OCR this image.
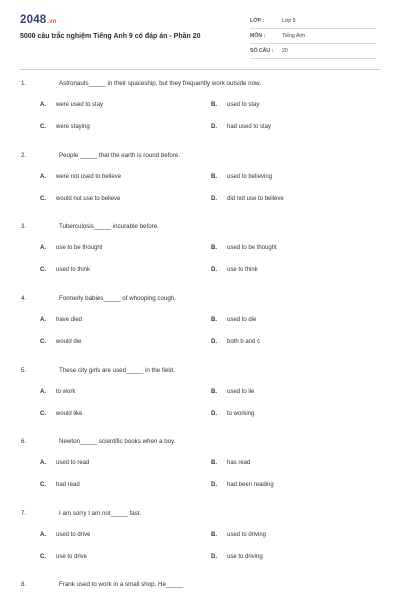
2048.vn
5000 câu trắc nghiệm Tiếng Anh 9 có đáp án - Phần 20
LỚP :	Lớp 9
MÔN :	Tiếng Anh
SỐ CÂU :	20
1.	Astronauts_____ in their spaceship, but they frequently work outside now.
A. were used to stay	B. used to stay
C. were staying	D. had used to stay
2.	People _____ that the earth is round before.
A. were not used to believe	B. used to believing
C. would not use to believe	D. did not use to believe
3.	Tuberculosis_____ incurable before.
A. use to be thought	B. used to be thought
C. used to think	D. use to think
4.	Formerly babies_____ of whooping cough.
A. have died	B. used to die
C. would die	D. both b and c
5.	These city girls are used_____ in the field.
A. to work	B. used to lie
C. would like	D. to working
6.	Newton_____ scientific books when a boy.
A. used to read	B. has read
C. had read	D. had been reading
7.	I am sorry I am not_____ fast.
A. used to drive	B. used to driving
C. use to drive	D. use to driving
8.	Frank used to work in a small shop. He_____
